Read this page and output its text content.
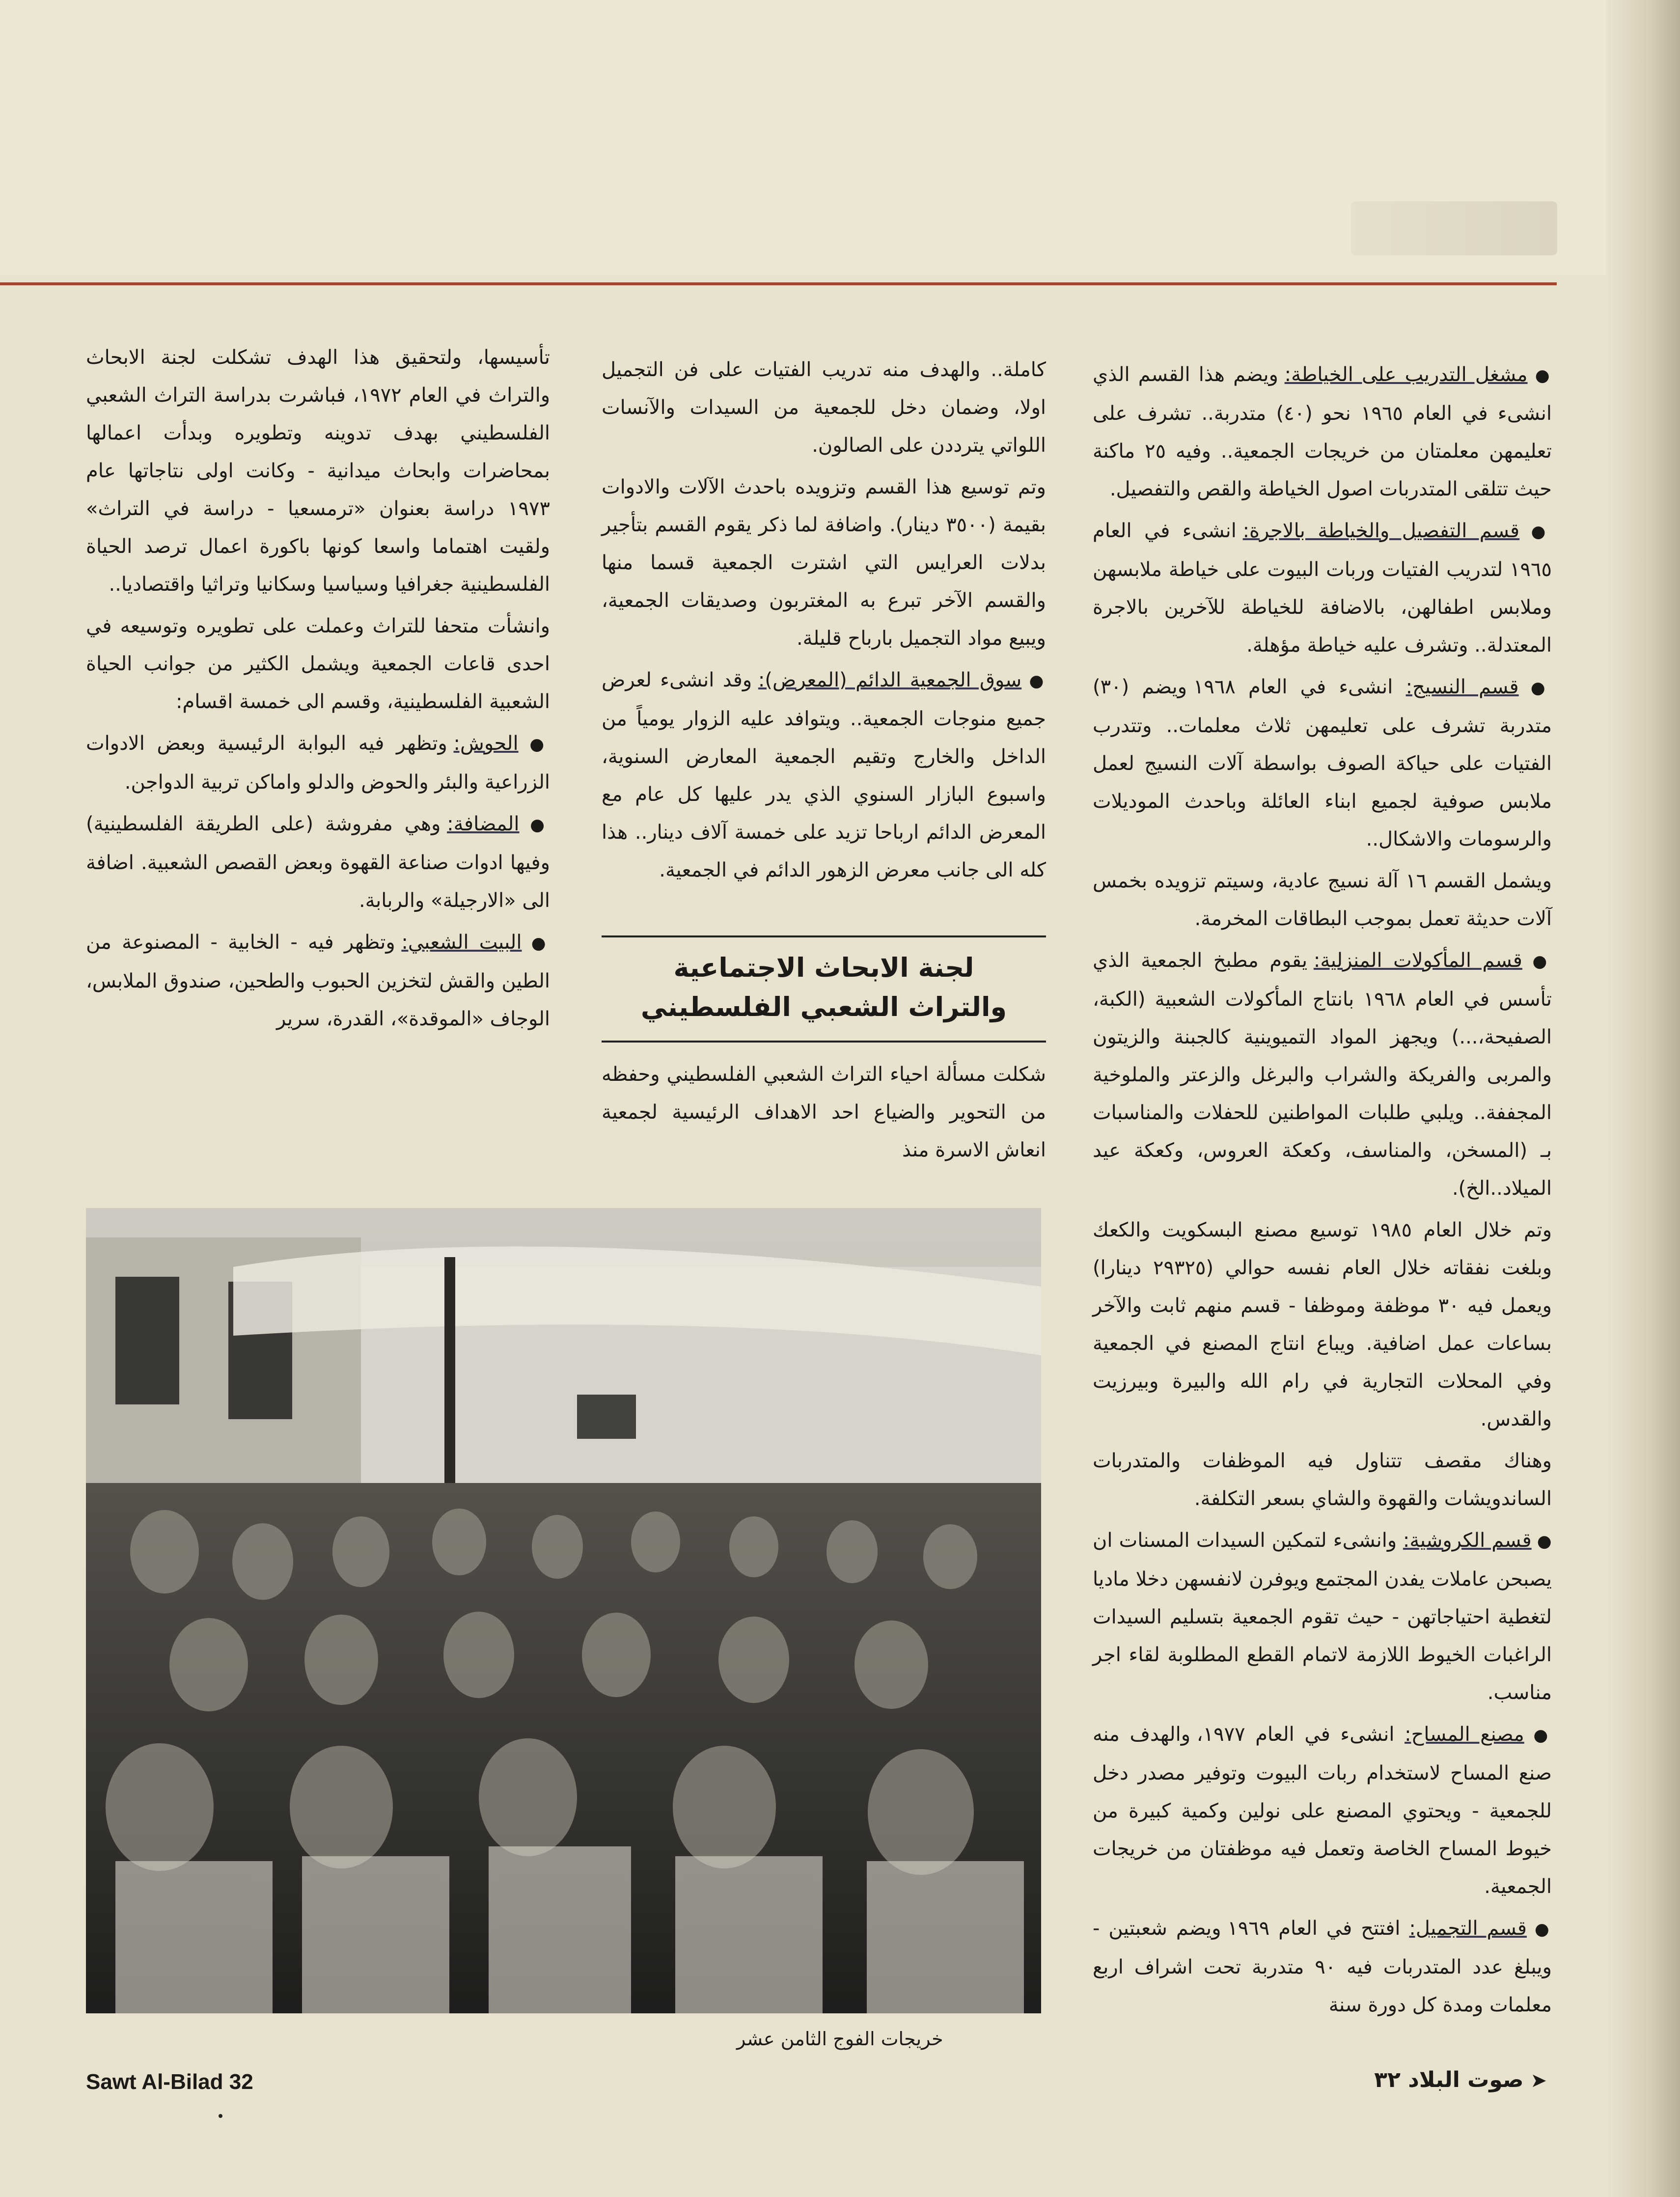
● مشغل التدريب على الخياطة: ويضم هذا القسم الذي انشىء في العام ١٩٦٥ نحو (٤٠) متدربة.. تشرف على تعليمهن معلمتان من خريجات الجمعية.. وفيه ٢٥ ماكنة حيث تتلقى المتدربات اصول الخياطة والقص والتفصيل.

● قسم التفصيل والخياطة بالاجرة: انشىء في العام ١٩٦٥ لتدريب الفتيات وربات البيوت على خياطة ملابسهن وملابس اطفالهن، بالاضافة للخياطة للآخرين بالاجرة المعتدلة.. وتشرف عليه خياطة مؤهلة.

● قسم النسيج: انشىء في العام ١٩٦٨ ويضم (٣٠) متدربة تشرف على تعليمهن ثلاث معلمات.. وتتدرب الفتيات على حياكة الصوف بواسطة آلات النسيج لعمل ملابس صوفية لجميع ابناء العائلة وباحدث الموديلات والرسومات والاشكال..

ويشمل القسم ١٦ آلة نسيج عادية، وسيتم تزويده بخمس آلات حديثة تعمل بموجب البطاقات المخرمة.

● قسم المأكولات المنزلية: يقوم مطبخ الجمعية الذي تأسس في العام ١٩٦٨ بانتاج المأكولات الشعبية (الكبة، الصفيحة،...) ويجهز المواد التميوينية كالجبنة والزيتون والمربى والفريكة والشراب والبرغل والزعتر والملوخية المجففة.. ويلبي طلبات المواطنين للحفلات والمناسبات بـ (المسخن، والمناسف، وكعكة العروس، وكعكة عيد الميلاد..الخ).

وتم خلال العام ١٩٨٥ توسيع مصنع البسكويت والكعك وبلغت نفقاته خلال العام نفسه حوالي (٢٩٣٢٥ دينارا) ويعمل فيه ٣٠ موظفة وموظفا - قسم منهم ثابت والآخر بساعات عمل اضافية. ويباع انتاج المصنع في الجمعية وفي المحلات التجارية في رام الله والبيرة وبيرزيت والقدس.

وهناك مقصف تتناول فيه الموظفات والمتدربات الساندويشات والقهوة والشاي بسعر التكلفة.

● قسم الكروشية: وانشىء لتمكين السيدات المسنات ان يصبحن عاملات يفدن المجتمع ويوفرن لانفسهن دخلا ماديا لتغطية احتياجاتهن - حيث تقوم الجمعية بتسليم السيدات الراغبات الخيوط اللازمة لاتمام القطع المطلوبة لقاء اجر مناسب.

● مصنع المساح: انشىء في العام ١٩٧٧، والهدف منه صنع المساح لاستخدام ربات البيوت وتوفير مصدر دخل للجمعية - ويحتوي المصنع على نولين وكمية كبيرة من خيوط المساح الخاصة وتعمل فيه موظفتان من خريجات الجمعية.

● قسم التجميل: افتتح في العام ١٩٦٩ ويضم شعبتين - ويبلغ عدد المتدربات فيه ٩٠ متدربة تحت اشراف اربع معلمات ومدة كل دورة سنة

كاملة.. والهدف منه تدريب الفتيات على فن التجميل اولا، وضمان دخل للجمعية من السيدات والآنسات اللواتي يترددن على الصالون.

وتم توسيع هذا القسم وتزويده باحدث الآلات والادوات بقيمة (٣٥٠٠ دينار). واضافة لما ذكر يقوم القسم بتأجير بدلات العرايس التي اشترت الجمعية قسما منها والقسم الآخر تبرع به المغتربون وصديقات الجمعية، ويبيع مواد التجميل بارباح قليلة.

● سوق الجمعية الدائم (المعرض): وقد انشىء لعرض جميع منوجات الجمعية.. ويتوافد عليه الزوار يومياً من الداخل والخارج وتقيم الجمعية المعارض السنوية، واسبوع البازار السنوي الذي يدر عليها كل عام مع المعرض الدائم ارباحا تزيد على خمسة آلاف دينار.. هذا كله الى جانب معرض الزهور الدائم في الجمعية.

لجنة الابحاث الاجتماعية
والتراث الشعبي الفلسطيني

شكلت مسألة احياء التراث الشعبي الفلسطيني وحفظه من التحوير والضياع احد الاهداف الرئيسية لجمعية انعاش الاسرة منذ

تأسيسها، ولتحقيق هذا الهدف تشكلت لجنة الابحاث والتراث في العام ١٩٧٢، فباشرت بدراسة التراث الشعبي الفلسطيني بهدف تدوينه وتطويره وبدأت اعمالها بمحاضرات وابحاث ميدانية - وكانت اولى نتاجاتها عام ١٩٧٣ دراسة بعنوان «ترمسعيا - دراسة في التراث» ولقيت اهتماما واسعا كونها باكورة اعمال ترصد الحياة الفلسطينية جغرافيا وسياسيا وسكانيا وتراثيا واقتصاديا..

وانشأت متحفا للتراث وعملت على تطويره وتوسيعه في احدى قاعات الجمعية ويشمل الكثير من جوانب الحياة الشعبية الفلسطينية، وقسم الى خمسة اقسام:

● الحوش: وتظهر فيه البوابة الرئيسية وبعض الادوات الزراعية والبئر والحوض والدلو واماكن تربية الدواجن.

● المضافة: وهي مفروشة (على الطريقة الفلسطينية) وفيها ادوات صناعة القهوة وبعض القصص الشعبية. اضافة الى «الارجيلة» والربابة.

● البيت الشعبي: وتظهر فيه - الخابية - المصنوعة من الطين والقش لتخزين الحبوب والطحين، صندوق الملابس، الوجاف «الموقدة»، القدرة، سرير

خريجات الفوج الثامن عشر
Sawt Al-Bilad 32	➤صوت البلاد ٣٢
